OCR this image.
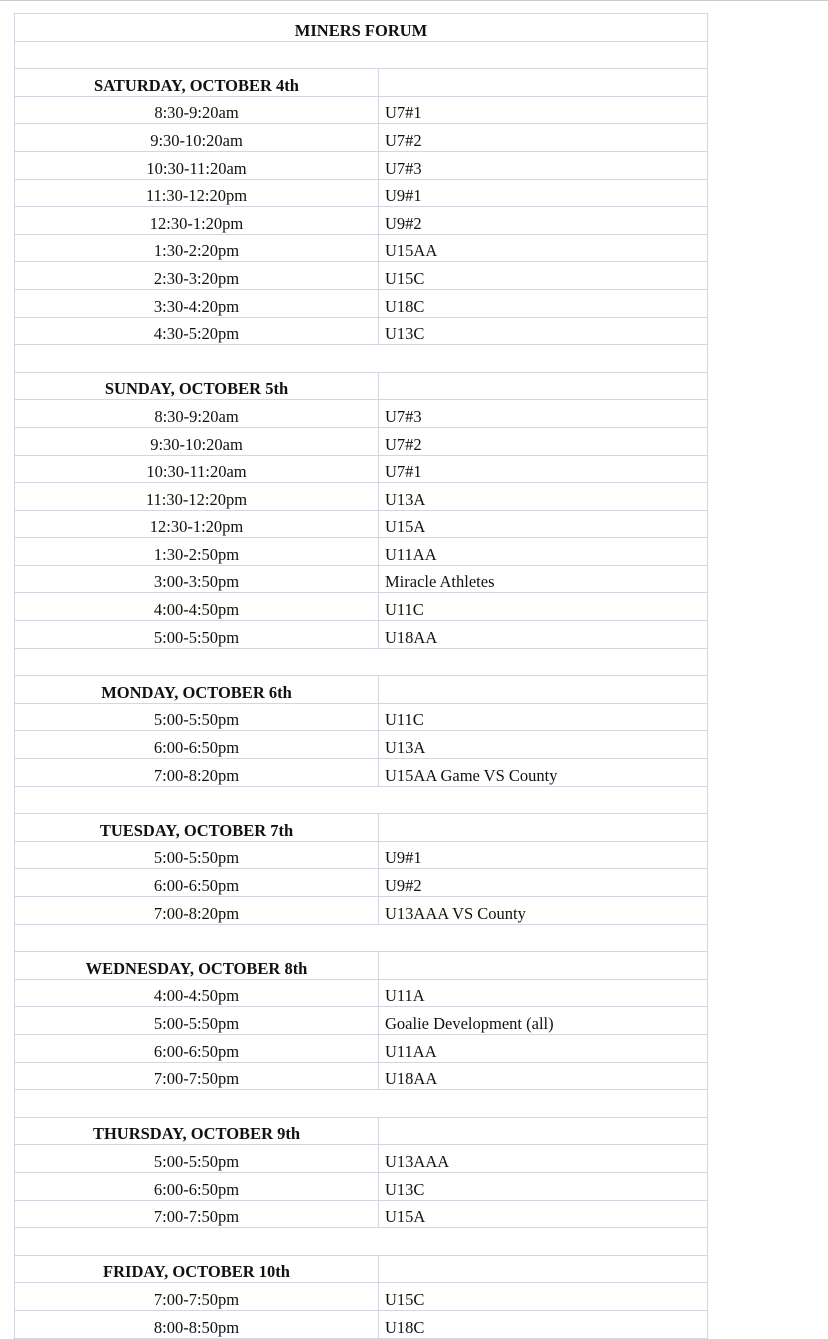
MINERS FORUM	

SATURDAY, OCTOBER 4th	
8:30-9:20am	U7#1
9:30-10:20am	U7#2
10:30-11:20am	U7#3
11:30-12:20pm	U9#1
12:30-1:20pm	U9#2
1:30-2:20pm	U15AA
2:30-3:20pm	U15C
3:30-4:20pm	U18C
4:30-5:20pm	U13C

SUNDAY, OCTOBER 5th	
8:30-9:20am	U7#3
9:30-10:20am	U7#2
10:30-11:20am	U7#1
11:30-12:20pm	U13A
12:30-1:20pm	U15A
1:30-2:50pm	U11AA
3:00-3:50pm	Miracle Athletes
4:00-4:50pm	U11C
5:00-5:50pm	U18AA

MONDAY, OCTOBER 6th	
5:00-5:50pm	U11C
6:00-6:50pm	U13A
7:00-8:20pm	U15AA Game VS County

TUESDAY, OCTOBER 7th	
5:00-5:50pm	U9#1
6:00-6:50pm	U9#2
7:00-8:20pm	U13AAA VS County

WEDNESDAY, OCTOBER 8th	
4:00-4:50pm	U11A
5:00-5:50pm	Goalie Development (all)
6:00-6:50pm	U11AA
7:00-7:50pm	U18AA

THURSDAY, OCTOBER 9th	
5:00-5:50pm	U13AAA
6:00-6:50pm	U13C
7:00-7:50pm	U15A

FRIDAY, OCTOBER 10th	
7:00-7:50pm	U15C
8:00-8:50pm	U18C
